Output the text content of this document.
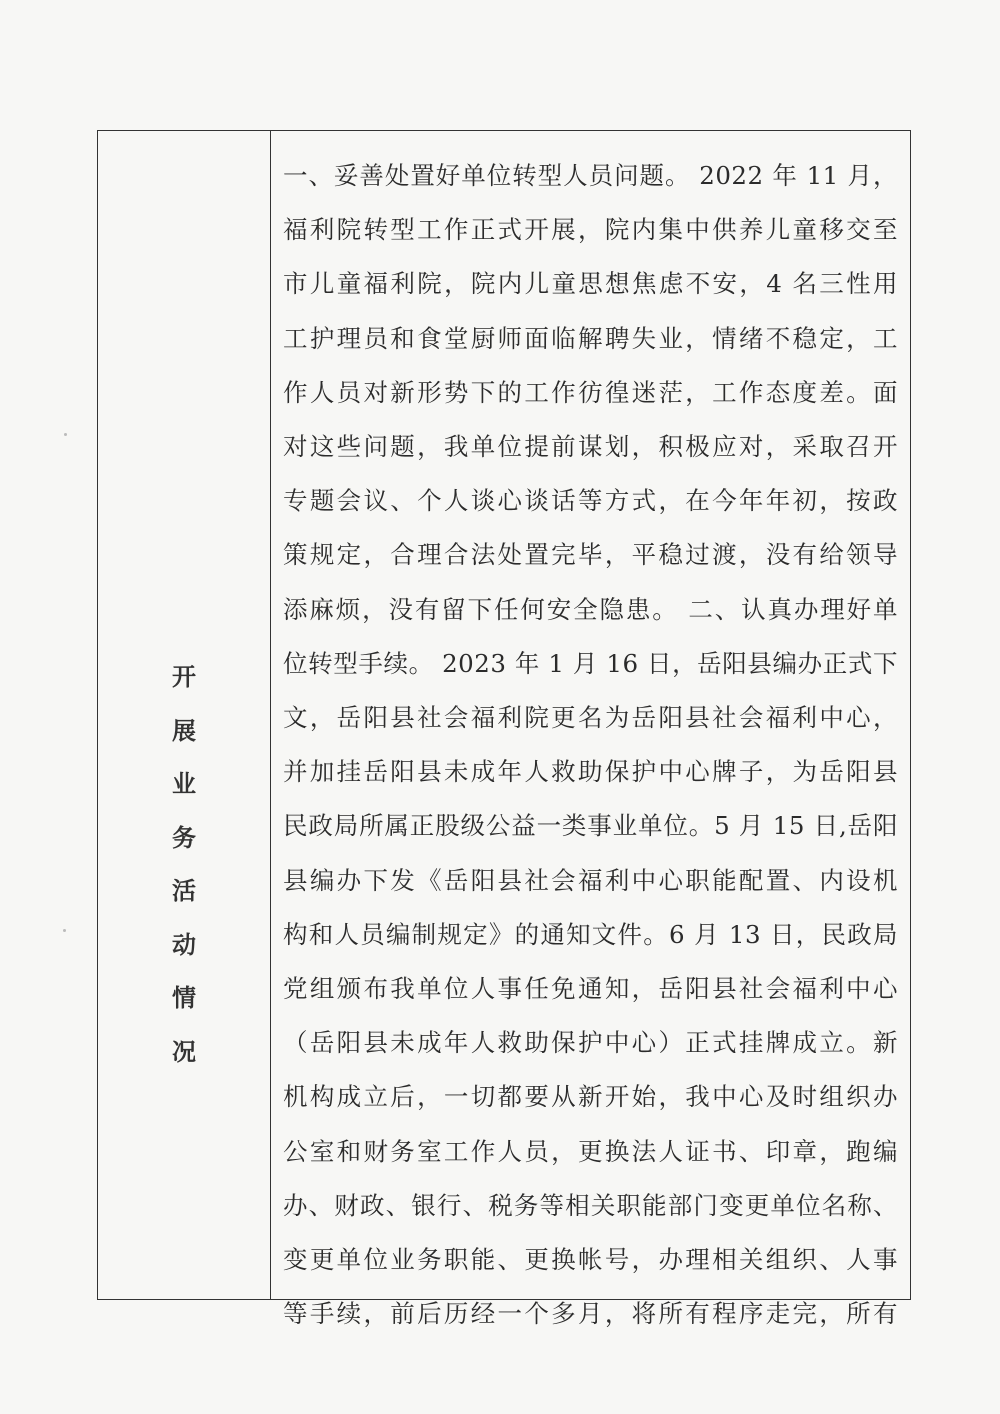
开
展
业
务
活
动
情
况
一、妥善处置好单位转型人员问题。 2022 年 11 月，
福利院转型工作正式开展，院内集中供养儿童移交至
市儿童福利院，院内儿童思想焦虑不安，4 名三性用
工护理员和食堂厨师面临解聘失业，情绪不稳定，工
作人员对新形势下的工作彷徨迷茫，工作态度差。面
对这些问题，我单位提前谋划，积极应对，采取召开
专题会议、个人谈心谈话等方式，在今年年初，按政
策规定，合理合法处置完毕，平稳过渡，没有给领导
添麻烦，没有留下任何安全隐患。 二、认真办理好单
位转型手续。 2023 年 1 月 16 日，岳阳县编办正式下
文，岳阳县社会福利院更名为岳阳县社会福利中心，
并加挂岳阳县未成年人救助保护中心牌子，为岳阳县
民政局所属正股级公益一类事业单位。5 月 15 日,岳阳
县编办下发《岳阳县社会福利中心职能配置、内设机
构和人员编制规定》的通知文件。6 月 13 日，民政局
党组颁布我单位人事任免通知，岳阳县社会福利中心
（岳阳县未成年人救助保护中心）正式挂牌成立。新
机构成立后，一切都要从新开始，我中心及时组织办
公室和财务室工作人员，更换法人证书、印章，跑编
办、财政、银行、税务等相关职能部门变更单位名称、
变更单位业务职能、更换帐号，办理相关组织、人事
等手续，前后历经一个多月，将所有程序走完，所有
